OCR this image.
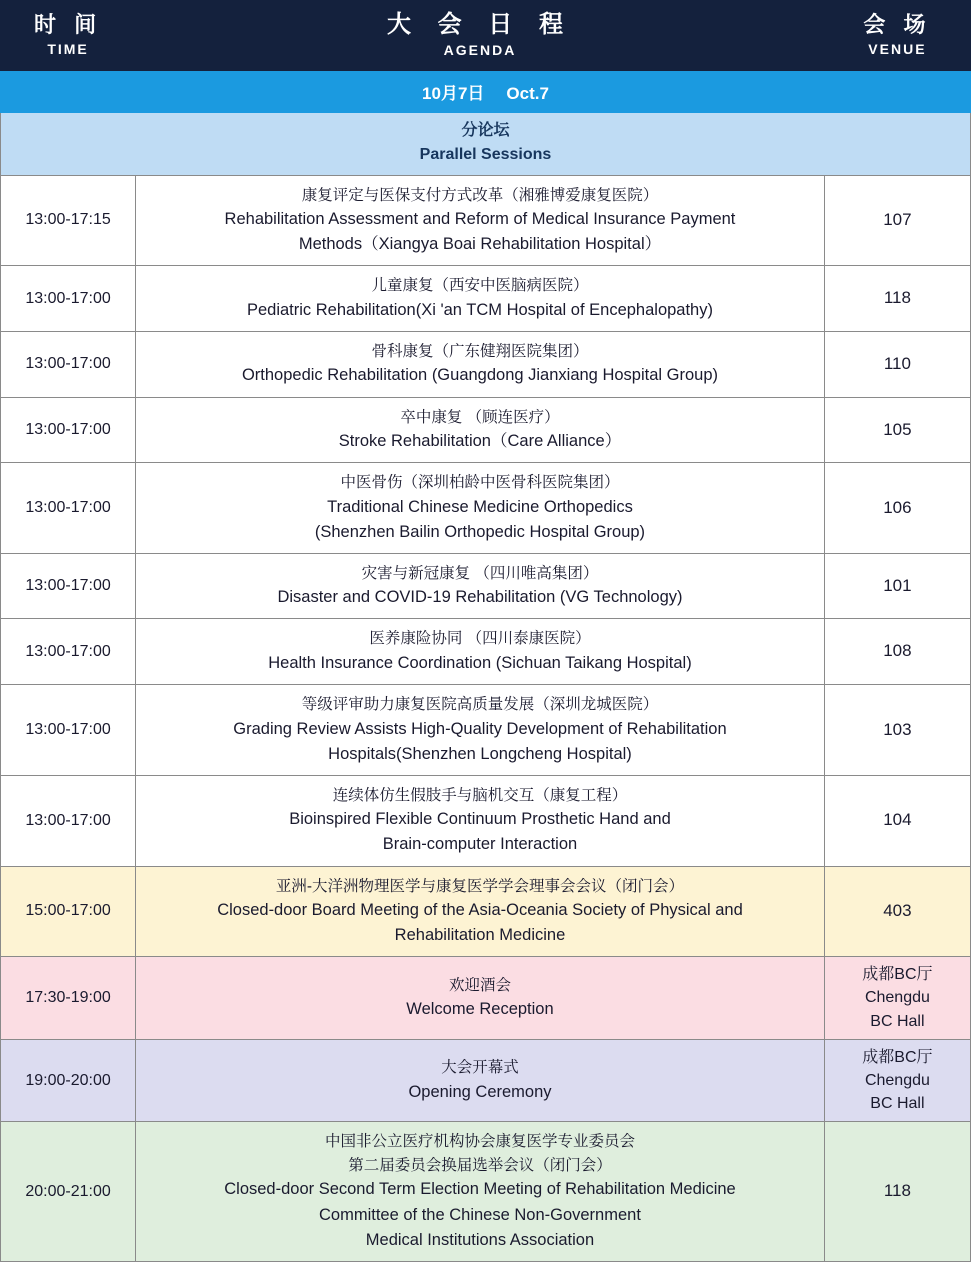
时 间
TIME

大 会 日 程
AGENDA

会 场
VENUE

10月7日 Oct.7		

分论坛
Parallel Sessions		

13:00-17:15	康复评定与医保支付方式改革（湘雅博爱康复医院）
Rehabilitation Assessment and Reform of Medical Insurance Payment
Methods（Xiangya Boai Rehabilitation Hospital）	107
13:00-17:00	儿童康复（西安中医脑病医院）
Pediatric Rehabilitation(Xi 'an TCM Hospital of Encephalopathy)	118
13:00-17:00	骨科康复（广东健翔医院集团）
Orthopedic Rehabilitation (Guangdong Jianxiang Hospital Group)	110
13:00-17:00	卒中康复 （顾连医疗）
Stroke Rehabilitation（Care Alliance）	105
13:00-17:00	中医骨伤（深圳柏龄中医骨科医院集团）
Traditional Chinese Medicine Orthopedics
(Shenzhen Bailin Orthopedic Hospital Group)	106
13:00-17:00	灾害与新冠康复 （四川唯高集团）
Disaster and COVID-19 Rehabilitation (VG Technology)	101
13:00-17:00	医养康险协同 （四川泰康医院）
Health Insurance Coordination (Sichuan Taikang Hospital)	108
13:00-17:00	等级评审助力康复医院高质量发展（深圳龙城医院）
Grading Review Assists High-Quality Development of Rehabilitation
Hospitals(Shenzhen Longcheng Hospital)	103
13:00-17:00	连续体仿生假肢手与脑机交互（康复工程）
Bioinspired Flexible Continuum Prosthetic Hand and
Brain-computer Interaction	104
15:00-17:00	亚洲-大洋洲物理医学与康复医学学会理事会会议（闭门会）
Closed-door Board Meeting of the Asia-Oceania Society of Physical and
Rehabilitation Medicine	403
17:30-19:00	欢迎酒会
Welcome Reception	成都BC厅
Chengdu
BC Hall

19:00-20:00	大会开幕式
Opening Ceremony	成都BC厅
Chengdu
BC Hall

20:00-21:00	中国非公立医疗机构协会康复医学专业委员会
第二届委员会换届选举会议（闭门会）
Closed-door Second Term Election Meeting of Rehabilitation Medicine
Committee of the Chinese Non-Government
Medical Institutions Association	118
